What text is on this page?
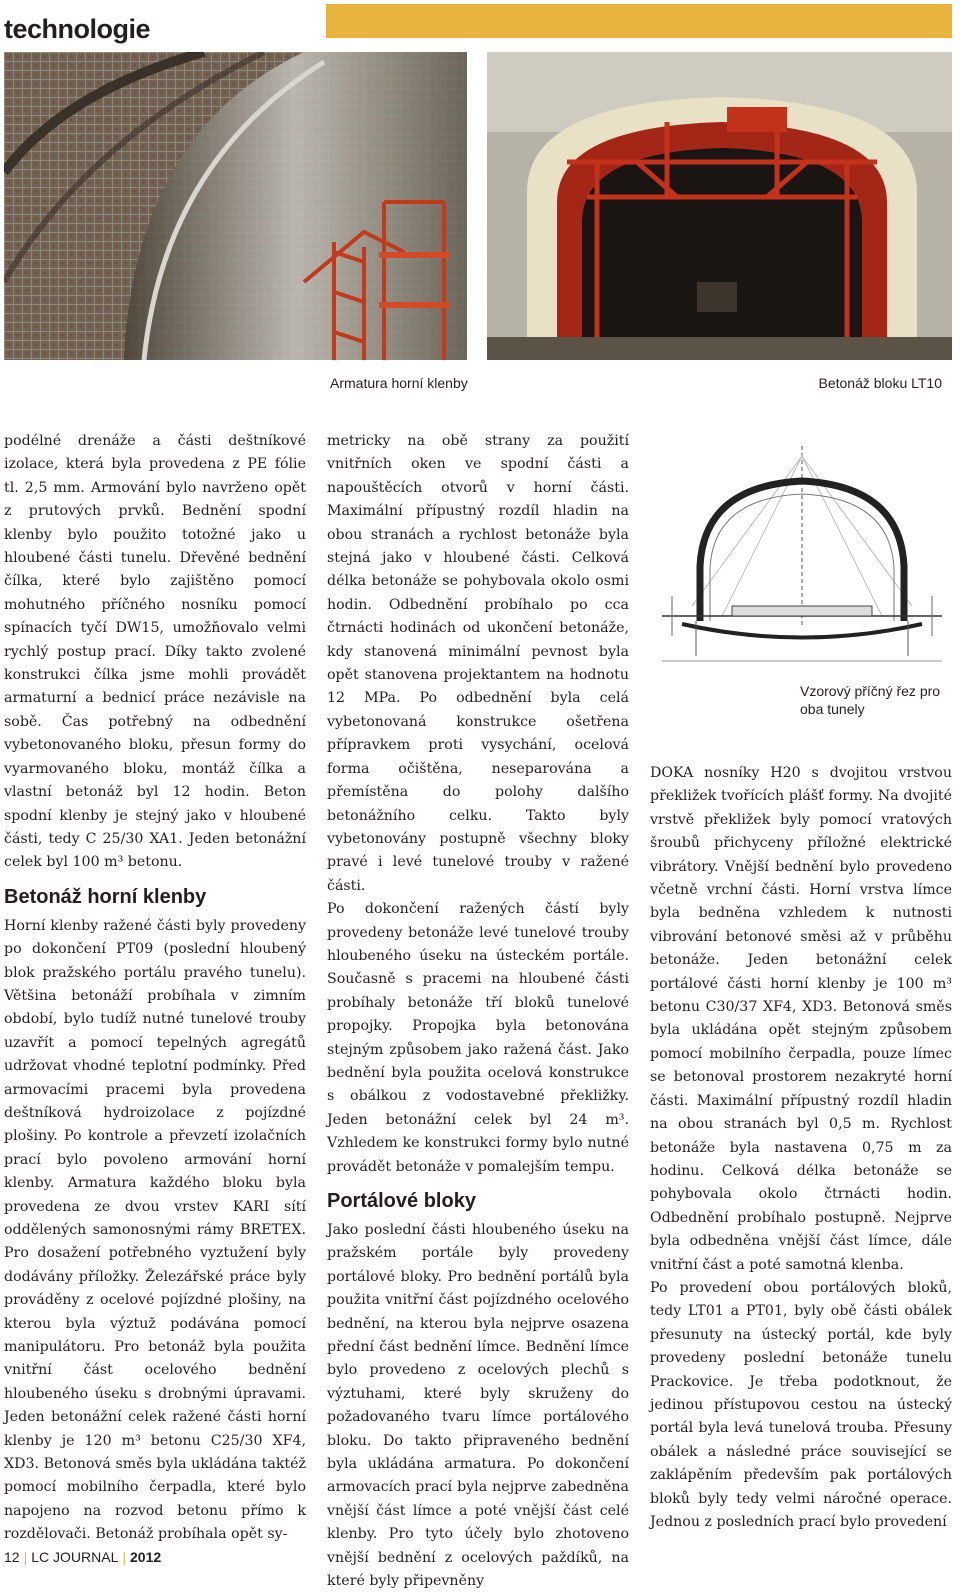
technologie
Armatura horní klenby	Betonáž bloku LT10

podélné drenáže a části deštníkové izolace, která byla provedena z PE fólie tl. 2,5 mm. Armování bylo navrženo opět z prutových prvků. Bednění spodní klenby bylo použito totožné jako u hloubené části tunelu. Dřevěné bednění čílka, které bylo zajištěno pomocí mohutného příčného nosníku pomocí spínacích tyčí DW15, umožňovalo velmi rychlý postup prací. Díky takto zvolené konstrukci čílka jsme mohli provádět armaturní a bednicí práce nezávisle na sobě. Čas potřebný na odbednění vybetonovaného bloku, přesun formy do vyarmovaného bloku, montáž čílka a vlastní betonáž byl 12 hodin. Beton spodní klenby je stejný jako v hloubené části, tedy C 25/30 XA1. Jeden betonážní celek byl 100 m³ betonu.

Betonáž horní klenby

Horní klenby ražené části byly provedeny po dokončení PT09 (poslední hloubený blok pražského portálu pravého tunelu). Většina betonáží probíhala v zimním období, bylo tudíž nutné tunelové trouby uzavřít a pomocí tepelných agregátů udržovat vhodné teplotní podmínky. Před armovacími pracemi byla provedena deštníková hydroizolace z pojízdné plošiny. Po kontrole a převzetí izolačních prací bylo povoleno armování horní klenby. Armatura každého bloku byla provedena ze dvou vrstev KARI sítí oddělených samonosnými rámy BRETEX. Pro dosažení potřebného vyztužení byly dodávány příložky. Železářské práce byly prováděny z ocelové pojízdné plošiny, na kterou byla výztuž podávána pomocí manipulátoru. Pro betonáž byla použita vnitřní část ocelového bednění hloubeného úseku s drobnými úpravami. Jeden betonážní celek ražené části horní klenby je 120 m³ betonu C25/30 XF4, XD3. Betonová směs byla ukládána taktéž pomocí mobilního čerpadla, které bylo napojeno na rozvod betonu přímo k rozdělovači. Betonáž probíhala opět sy-

metricky na obě strany za použití vnitřních oken ve spodní části a napouštěcích otvorů v horní části. Maximální přípustný rozdíl hladin na obou stranách a rychlost betonáže byla stejná jako v hloubené části. Celková délka betonáže se pohybovala okolo osmi hodin. Odbednění probíhalo po cca čtrnácti hodinách od ukončení betonáže, kdy stanovená minimální pevnost byla opět stanovena projektantem na hodnotu 12 MPa. Po odbednění byla celá vybetonovaná konstrukce ošetřena přípravkem proti vysychání, ocelová forma očištěna, neseparována a přemístěna do polohy dalšího betonážního celku. Takto byly vybetonovány postupně všechny bloky pravé i levé tunelové trouby v ražené části.

Po dokončení ražených částí byly provedeny betonáže levé tunelové trouby hloubeného úseku na ústeckém portále. Současně s pracemi na hloubené části probíhaly betonáže tří bloků tunelové propojky. Propojka byla betonována stejným způsobem jako ražená část. Jako bednění byla použita ocelová konstrukce s obálkou z vodostavebné překližky. Jeden betonážní celek byl 24 m³. Vzhledem ke konstrukci formy bylo nutné provádět betonáže v pomalejším tempu.

Portálové bloky

Jako poslední části hloubeného úseku na pražském portále byly provedeny portálové bloky. Pro bednění portálů byla použita vnitřní část pojízdného ocelového bednění, na kterou byla nejprve osazena přední část bednění límce. Bednění límce bylo provedeno z ocelových plechů s výztuhami, které byly skruženy do požadovaného tvaru límce portálového bloku. Do takto připraveného bednění byla ukládána armatura. Po dokončení armovacích prací byla nejprve zabedněna vnější část límce a poté vnější část celé klenby. Pro tyto účely bylo zhotoveno vnější bednění z ocelových paždíků, na které byly připevněny

Vzorový příčný řez pro oba tunely

DOKA nosníky H20 s dvojitou vrstvou překližek tvořících plášť formy. Na dvojité vrstvě překližek byly pomocí vratových šroubů přichyceny příložné elektrické vibrátory. Vnější bednění bylo provedeno včetně vrchní části. Horní vrstva límce byla bedněna vzhledem k nutnosti vibrování betonové směsi až v průběhu betonáže. Jeden betonážní celek portálové části horní klenby je 100 m³ betonu C30/37 XF4, XD3. Betonová směs byla ukládána opět stejným způsobem pomocí mobilního čerpadla, pouze límec se betonoval prostorem nezakryté horní části. Maximální přípustný rozdíl hladin na obou stranách byl 0,5 m. Rychlost betonáže byla nastavena 0,75 m za hodinu. Celková délka betonáže se pohybovala okolo čtrnácti hodin. Odbednění probíhalo postupně. Nejprve byla odbedněna vnější část límce, dále vnitřní část a poté samotná klenba.

Po provedení obou portálových bloků, tedy LT01 a PT01, byly obě části obálek přesunuty na ústecký portál, kde byly provedeny poslední betonáže tunelu Prackovice. Je třeba podotknout, že jedinou přístupovou cestou na ústecký portál byla levá tunelová trouba. Přesuny obálek a následné práce související se zaklápěním především pak portálových bloků byly tedy velmi náročné operace. Jednou z posledních prací bylo provedení

12 | LC JOURNAL | 2012
